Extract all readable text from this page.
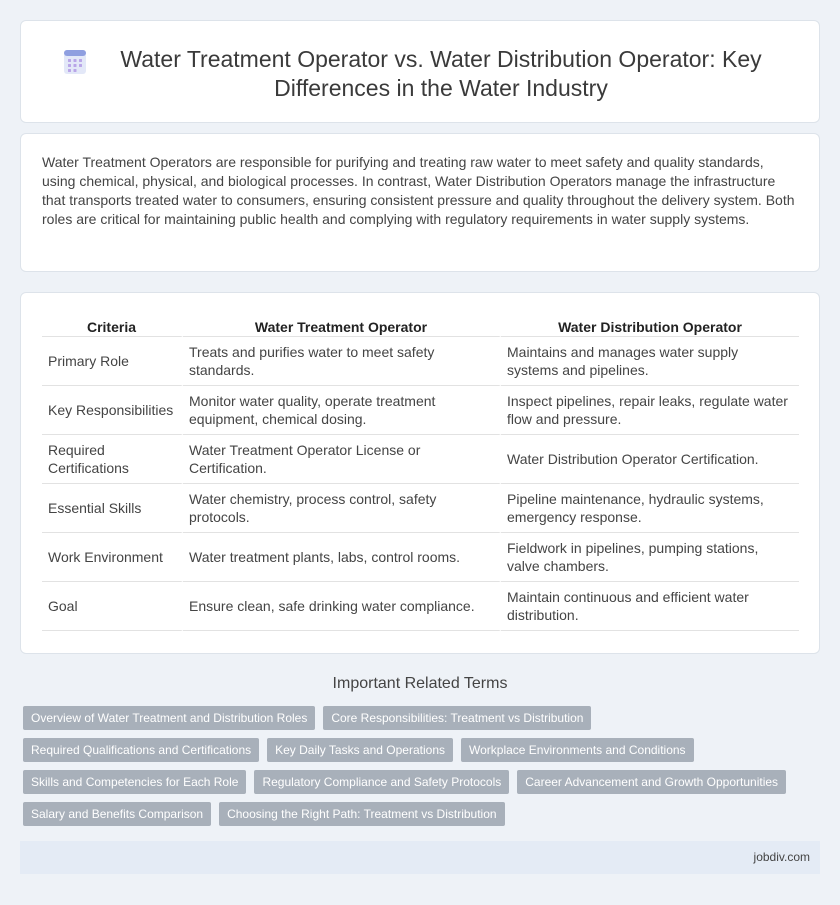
Water Treatment Operator vs. Water Distribution Operator: Key Differences in the Water Industry

Water Treatment Operators are responsible for purifying and treating raw water to meet safety and quality standards, using chemical, physical, and biological processes. In contrast, Water Distribution Operators manage the infrastructure that transports treated water to consumers, ensuring consistent pressure and quality throughout the delivery system. Both roles are critical for maintaining public health and complying with regulatory requirements in water supply systems.

Criteria	Water Treatment Operator	Water Distribution Operator
Primary Role	Treats and purifies water to meet safety standards.	Maintains and manages water supply systems and pipelines.
Key Responsibilities	Monitor water quality, operate treatment equipment, chemical dosing.	Inspect pipelines, repair leaks, regulate water flow and pressure.
Required Certifications	Water Treatment Operator License or Certification.	Water Distribution Operator Certification.
Essential Skills	Water chemistry, process control, safety protocols.	Pipeline maintenance, hydraulic systems, emergency response.
Work Environment	Water treatment plants, labs, control rooms.	Fieldwork in pipelines, pumping stations, valve chambers.
Goal	Ensure clean, safe drinking water compliance.	Maintain continuous and efficient water distribution.
Important Related Terms
Overview of Water Treatment and Distribution Roles	Core Responsibilities: Treatment vs Distribution
Required Qualifications and Certifications	Key Daily Tasks and Operations	Workplace Environments and Conditions
Skills and Competencies for Each Role	Regulatory Compliance and Safety Protocols	Career Advancement and Growth Opportunities
Salary and Benefits Comparison	Choosing the Right Path: Treatment vs Distribution
jobdiv.com
